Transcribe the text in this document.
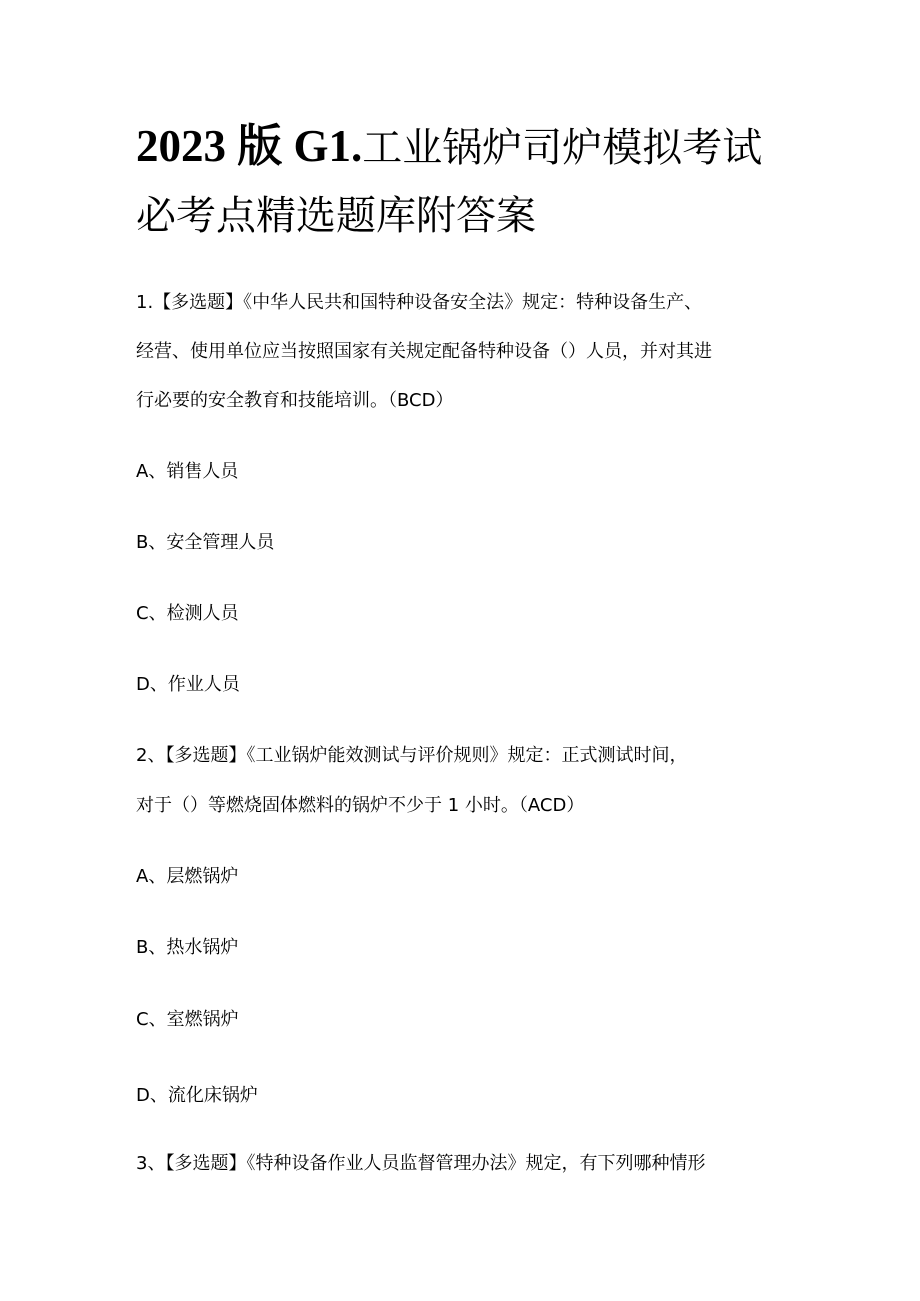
2023 版 G1.工业锅炉司炉模拟考试
必考点精选题库附答案

1.【多选题】《中华人民共和国特种设备安全法》规定：特种设备生产、

经营、使用单位应当按照国家有关规定配备特种设备（）人员，并对其进

行必要的安全教育和技能培训。（BCD）

A、销售人员

B、安全管理人员

C、检测人员

D、作业人员

2、【多选题】《工业锅炉能效测试与评价规则》规定：正式测试时间，

对于（）等燃烧固体燃料的锅炉不少于 1 小时。（ACD）

A、层燃锅炉

B、热水锅炉

C、室燃锅炉

D、流化床锅炉

3、【多选题】《特种设备作业人员监督管理办法》规定，有下列哪种情形
